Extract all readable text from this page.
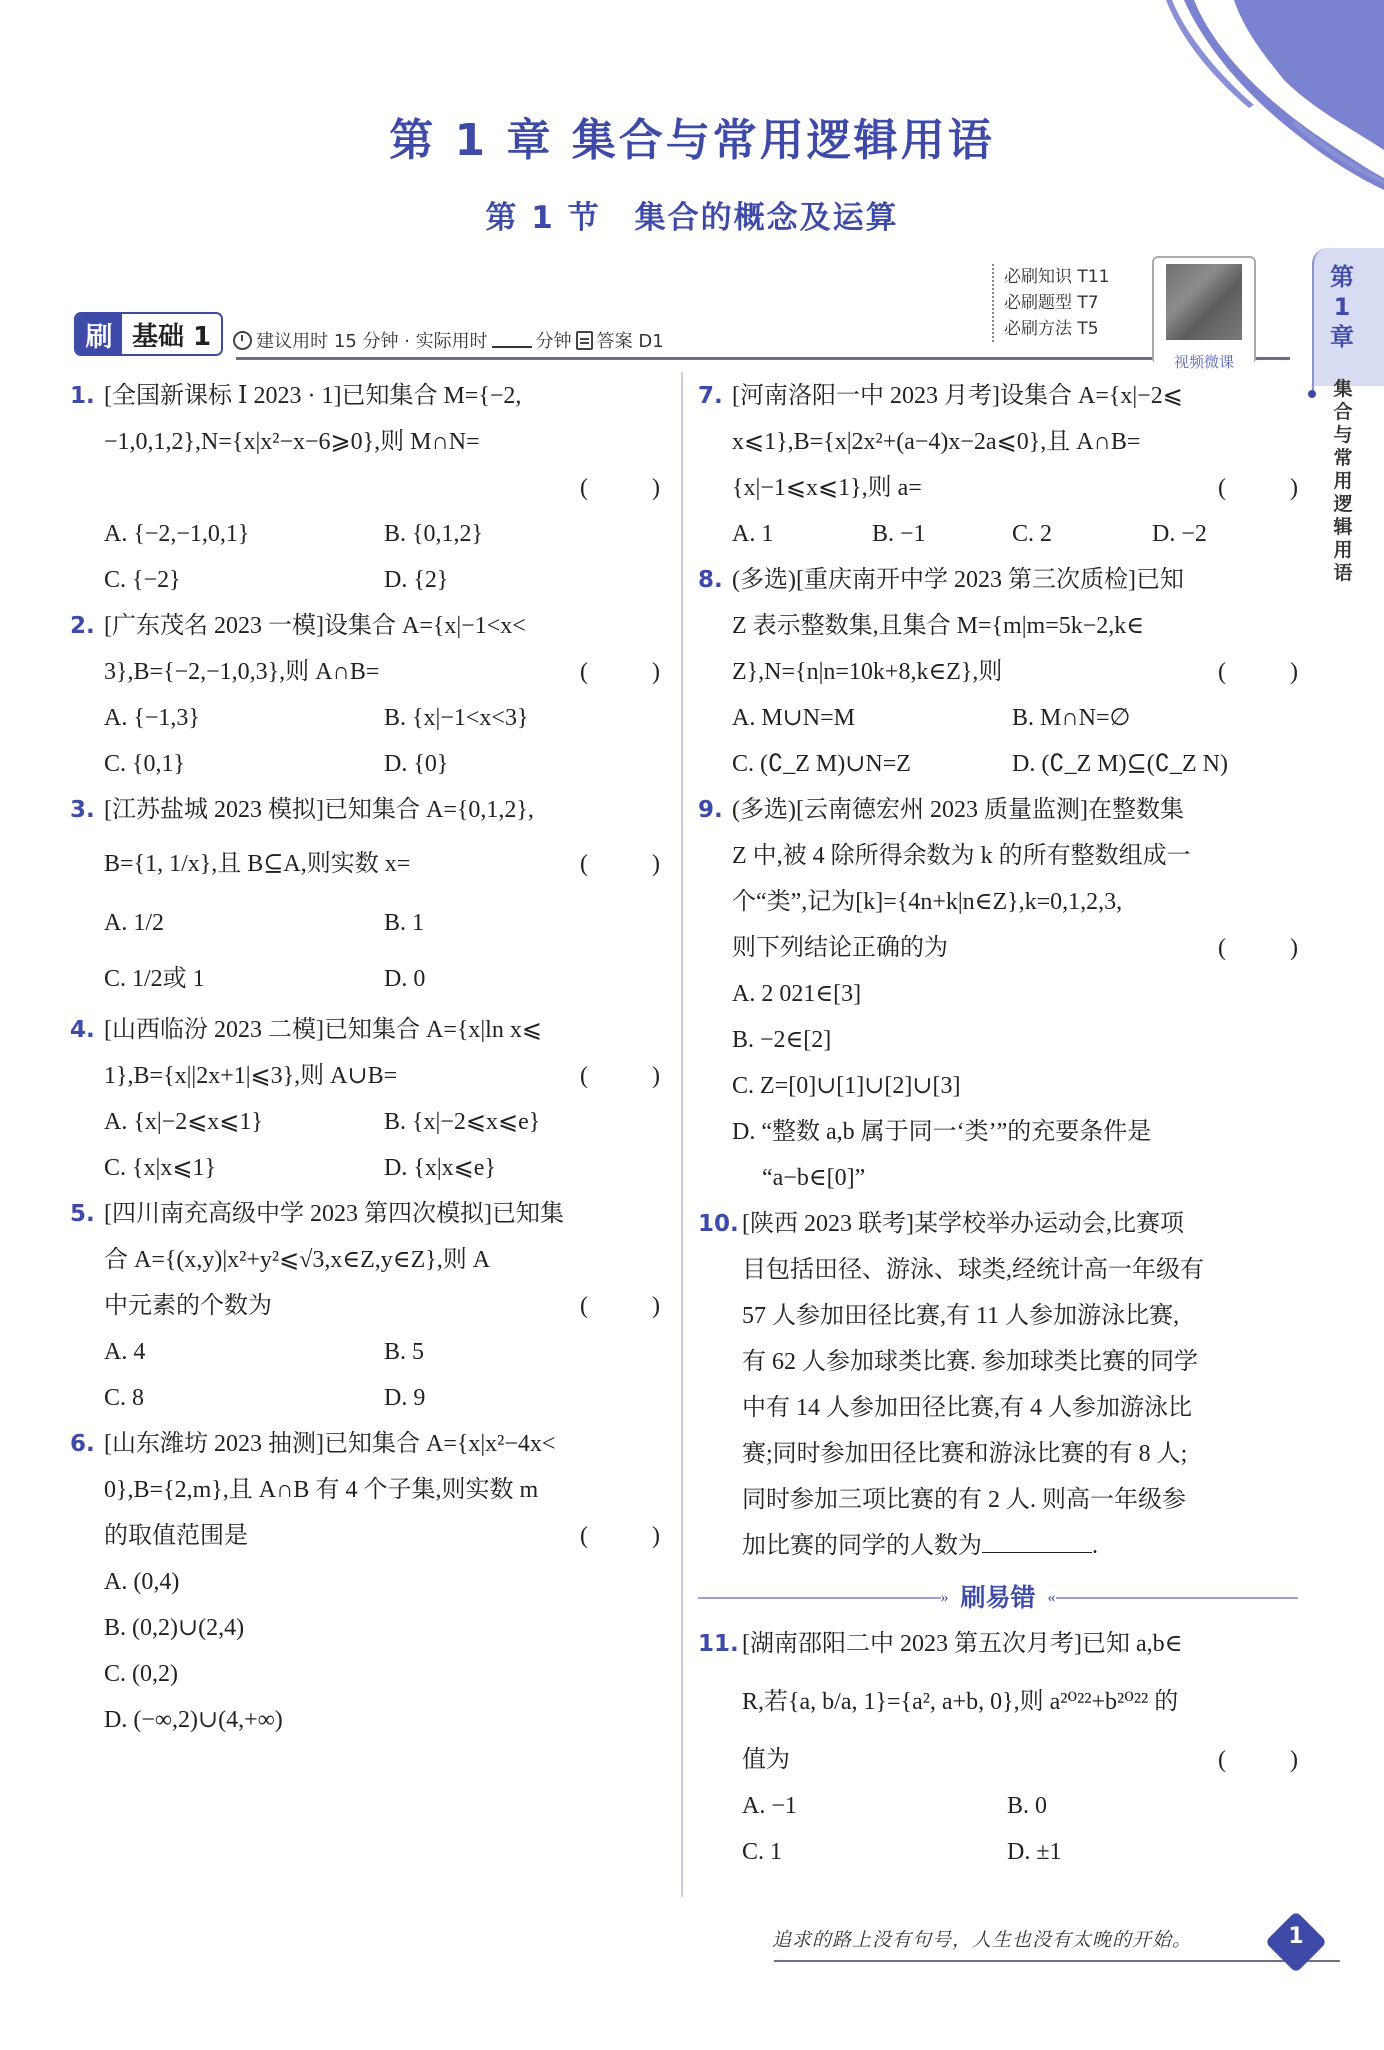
第 1 章 集合与常用逻辑用语
第 1 节 集合的概念及运算
刷 基础 1	建议用时 15 分钟 · 实际用时	分钟 答案 D1
必刷知识 T11
必刷题型 T7
必刷方法 T5
视频微课
第
1
章
集
合
与
常
用
逻
辑
用
语
1. [全国新课标 Ⅰ 2023 · 1]已知集合 M={−2,
−1,0,1,2},N={x|x²−x−6⩾0},则 M∩N=
(	)
A. {−2,−1,0,1}	B. {0,1,2}
C. {−2}	D. {2}
2. [广东茂名 2023 一模]设集合 A={x|−1<x<
(	)
3},B={−2,−1,0,3},则 A∩B=
A. {−1,3}	B. {x|−1<x<3}
C. {0,1}	D. {0}
3. [江苏盐城 2023 模拟]已知集合 A={0,1,2},
(	)
B={1, 1/x},且 B⊆A,则实数 x=
A. 1/2	B. 1
C. 1/2或 1	D. 0
4. [山西临汾 2023 二模]已知集合 A={x|ln x⩽
(	)
1},B={x||2x+1|⩽3},则 A∪B=
A. {x|−2⩽x⩽1}	B. {x|−2⩽x⩽e}
C. {x|x⩽1}	D. {x|x⩽e}
5. [四川南充高级中学 2023 第四次模拟]已知集
合 A={(x,y)|x²+y²⩽√3,x∈Z,y∈Z},则 A
(	)
中元素的个数为
A. 4	B. 5
C. 8	D. 9
6. [山东潍坊 2023 抽测]已知集合 A={x|x²−4x<
0},B={2,m},且 A∩B 有 4 个子集,则实数 m
(	)
的取值范围是
A. (0,4)
B. (0,2)∪(2,4)
C. (0,2)
D. (−∞,2)∪(4,+∞)
7. [河南洛阳一中 2023 月考]设集合 A={x|−2⩽
x⩽1},B={x|2x²+(a−4)x−2a⩽0},且 A∩B=
(	)
{x|−1⩽x⩽1},则 a=
A. 1	B. −1	C. 2	D. −2
8. (多选)[重庆南开中学 2023 第三次质检]已知
Z 表示整数集,且集合 M={m|m=5k−2,k∈
(	)
Z},N={n|n=10k+8,k∈Z},则
A. M∪N=M	B. M∩N=∅
C. (∁_Z M)∪N=Z	D. (∁_Z M)⊆(∁_Z N)
9. (多选)[云南德宏州 2023 质量监测]在整数集
Z 中,被 4 除所得余数为 k 的所有整数组成一
个“类”,记为[k]={4n+k|n∈Z},k=0,1,2,3,
(	)
则下列结论正确的为
A. 2 021∈[3]
B. −2∈[2]
C. Z=[0]∪[1]∪[2]∪[3]
D. “整数 a,b 属于同一‘类’”的充要条件是
“a−b∈[0]”
10. [陕西 2023 联考]某学校举办运动会,比赛项
目包括田径、游泳、球类,经统计高一年级有
57 人参加田径比赛,有 11 人参加游泳比赛,
有 62 人参加球类比赛. 参加球类比赛的同学
中有 14 人参加田径比赛,有 4 人参加游泳比
赛;同时参加田径比赛和游泳比赛的有 8 人;
同时参加三项比赛的有 2 人. 则高一年级参
加比赛的同学的人数为	.
» 刷易错 «
11. [湖南邵阳二中 2023 第五次月考]已知 a,b∈
R,若{a, b/a, 1}={a², a+b, 0},则 a²⁰²²+b²⁰²² 的
(	)
值为
A. −1	B. 0
C. 1	D. ±1
追求的路上没有句号，人生也没有太晚的开始。	1
